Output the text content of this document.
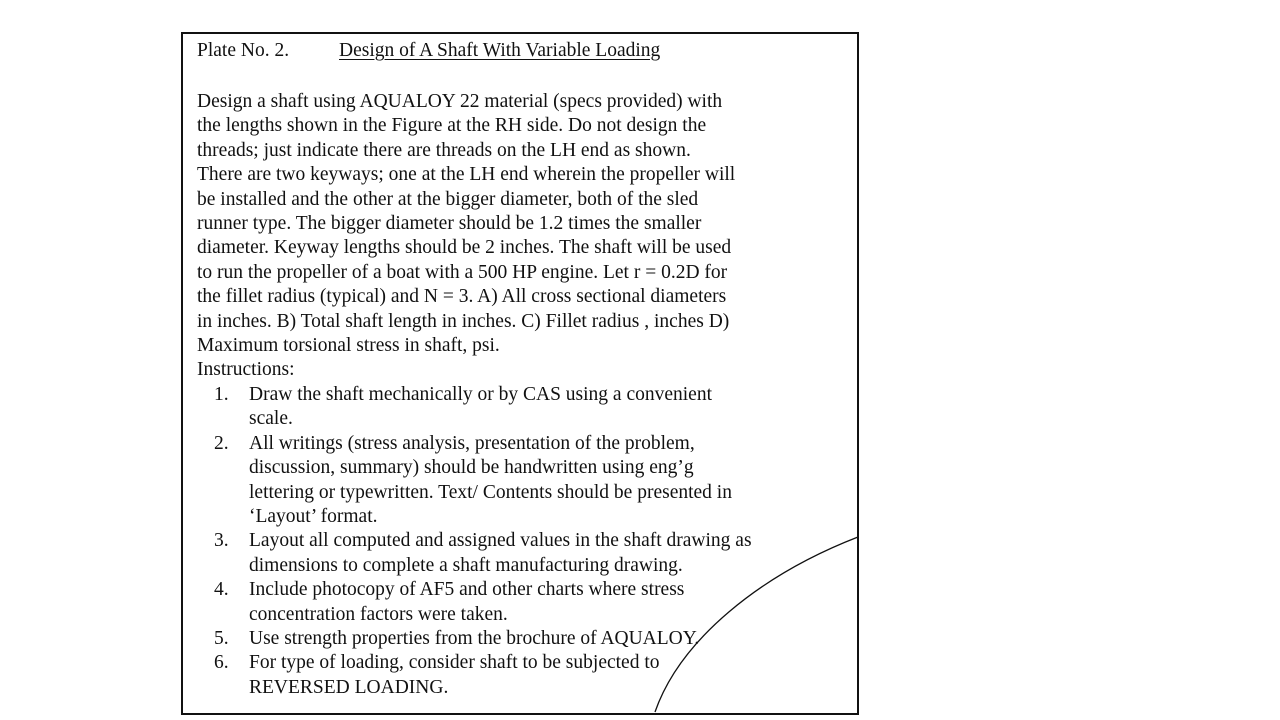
Plate No. 2.	Design of A Shaft With Variable Loading
Design a shaft using AQUALOY 22 material (specs provided) with
the lengths shown in the Figure at the RH side. Do not design the
threads; just indicate there are threads on the LH end as shown.
There are two keyways; one at the LH end wherein the propeller will
be installed and the other at the bigger diameter, both of the sled
runner type. The bigger diameter should be 1.2 times the smaller
diameter. Keyway lengths should be 2 inches. The shaft will be used
to run the propeller of a boat with a 500 HP engine. Let r = 0.2D for
the fillet radius (typical) and N = 3. A) All cross sectional diameters
in inches. B) Total shaft length in inches. C) Fillet radius , inches D)
Maximum torsional stress in shaft, psi.
Instructions:
1. Draw the shaft mechanically or by CAS using a convenient
scale.
2. All writings (stress analysis, presentation of the problem,
discussion, summary) should be handwritten using eng’g
lettering or typewritten. Text/ Contents should be presented in
‘Layout’ format.
3. Layout all computed and assigned values in the shaft drawing as
dimensions to complete a shaft manufacturing drawing.
4. Include photocopy of AF5 and other charts where stress
concentration factors were taken.
5. Use strength properties from the brochure of AQUALOY.
6. For type of loading, consider shaft to be subjected to
REVERSED LOADING.
